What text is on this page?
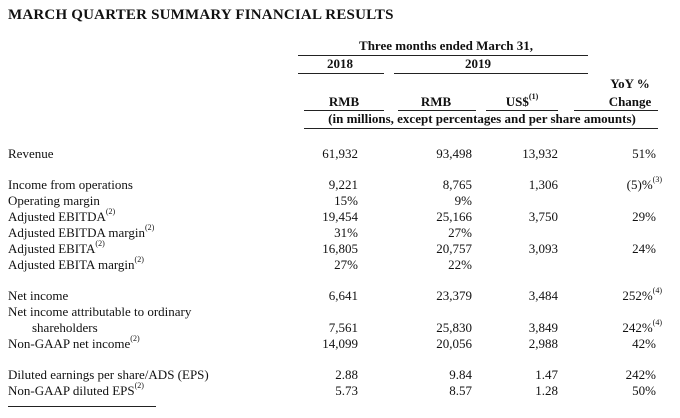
MARCH QUARTER SUMMARY FINANCIAL RESULTS
Three months ended March 31,
2018	2019
YoY %
RMB	RMB	US\$$^{(1)}$	Change
(in millions, except percentages and per share amounts)
Revenue	61,932	93,498	13,932	51%
Income from operations	9,221	8,765	1,306	(5)%$^{(3)}$
Operating margin	15%	9%
Adjusted EBITDA$^{(2)}$	19,454	25,166	3,750	29%
Adjusted EBITDA margin$^{(2)}$	31%	27%
Adjusted EBITA$^{(2)}$	16,805	20,757	3,093	24%
Adjusted EBITA margin$^{(2)}$	27%	22%
Net income	6,641	23,379	3,484	252%$^{(4)}$
Net income attributable to ordinary
shareholders	7,561	25,830	3,849	242%$^{(4)}$
Non-GAAP net income$^{(2)}$	14,099	20,056	2,988	42%
Diluted earnings per share/ADS (EPS)	2.88	9.84	1.47	242%
Non-GAAP diluted EPS$^{(2)}$	5.73	8.57	1.28	50%
